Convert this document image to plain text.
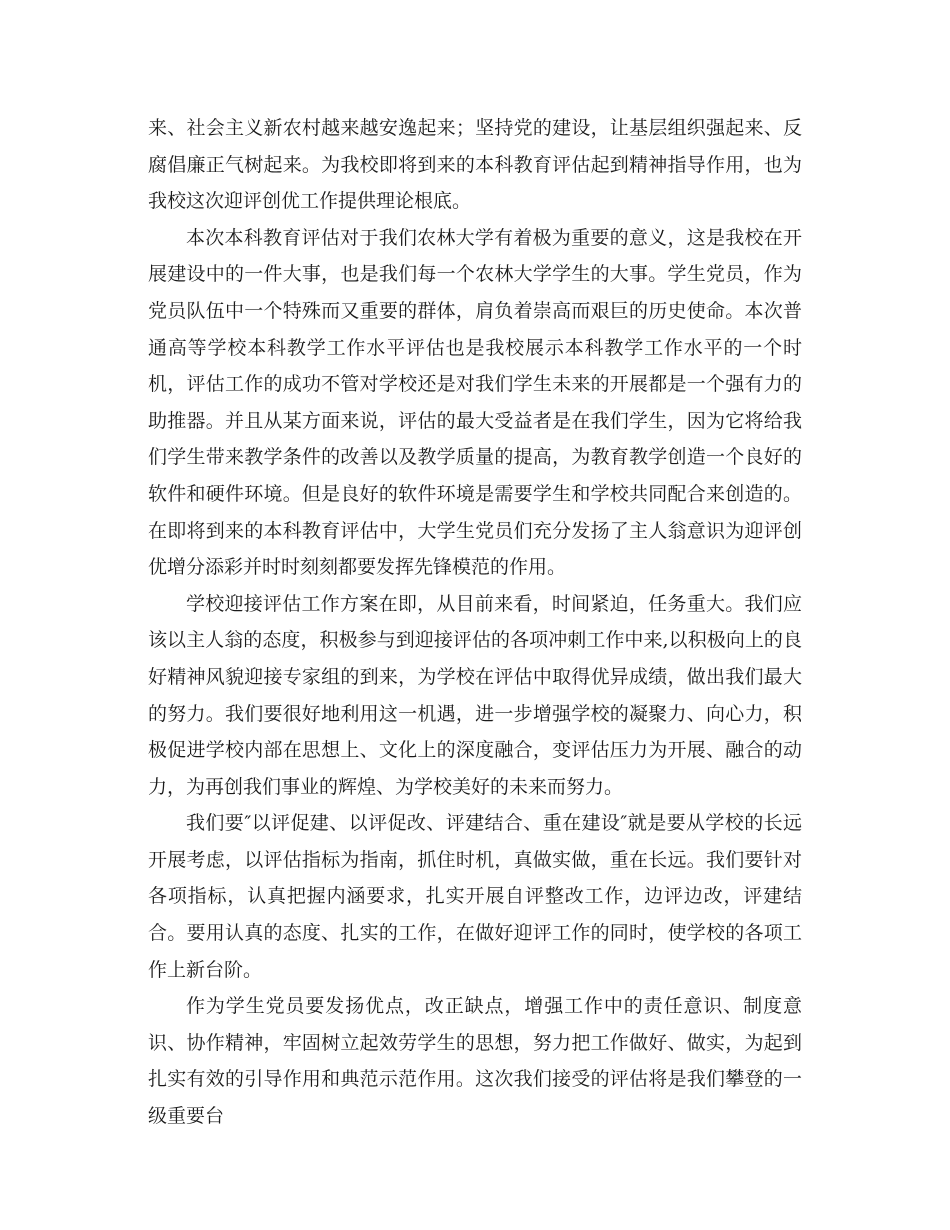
来、社会主义新农村越来越安逸起来；坚持党的建设，让基层组织强起来、反腐倡廉正气树起来。为我校即将到来的本科教育评估起到精神指导作用，也为我校这次迎评创优工作提供理论根底。

本次本科教育评估对于我们农林大学有着极为重要的意义，这是我校在开展建设中的一件大事，也是我们每一个农林大学学生的大事。学生党员，作为党员队伍中一个特殊而又重要的群体，肩负着崇高而艰巨的历史使命。本次普通高等学校本科教学工作水平评估也是我校展示本科教学工作水平的一个时机，评估工作的成功不管对学校还是对我们学生未来的开展都是一个强有力的助推器。并且从某方面来说，评估的最大受益者是在我们学生，因为它将给我们学生带来教学条件的改善以及教学质量的提高，为教育教学创造一个良好的软件和硬件环境。但是良好的软件环境是需要学生和学校共同配合来创造的。在即将到来的本科教育评估中，大学生党员们充分发扬了主人翁意识为迎评创优增分添彩并时时刻刻都要发挥先锋模范的作用。

学校迎接评估工作方案在即，从目前来看，时间紧迫，任务重大。我们应该以主人翁的态度，积极参与到迎接评估的各项冲刺工作中来,以积极向上的良好精神风貌迎接专家组的到来，为学校在评估中取得优异成绩，做出我们最大的努力。我们要很好地利用这一机遇，进一步增强学校的凝聚力、向心力，积极促进学校内部在思想上、文化上的深度融合，变评估压力为开展、融合的动力，为再创我们事业的辉煌、为学校美好的未来而努力。

我们要″以评促建、以评促改、评建结合、重在建设″就是要从学校的长远开展考虑，以评估指标为指南，抓住时机，真做实做，重在长远。我们要针对各项指标，认真把握内涵要求，扎实开展自评整改工作，边评边改，评建结合。要用认真的态度、扎实的工作，在做好迎评工作的同时，使学校的各项工作上新台阶。

作为学生党员要发扬优点，改正缺点，增强工作中的责任意识、制度意识、协作精神，牢固树立起效劳学生的思想，努力把工作做好、做实，为起到扎实有效的引导作用和典范示范作用。这次我们接受的评估将是我们攀登的一级重要台
